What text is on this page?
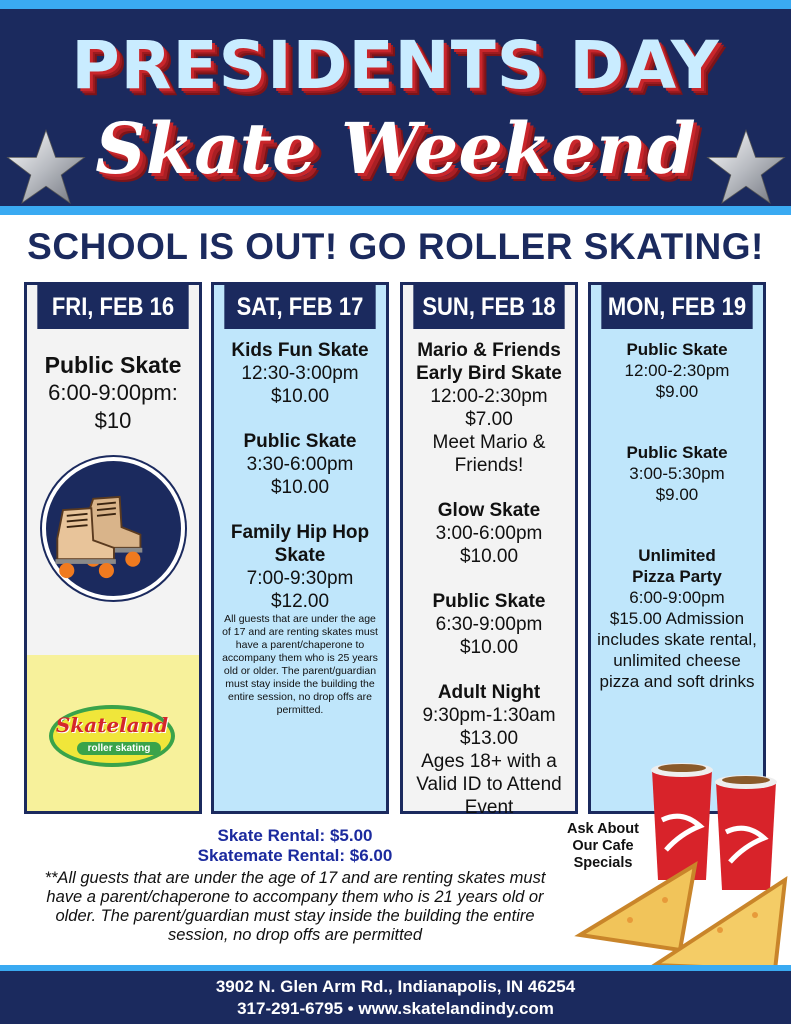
PRESIDENTS DAY
Skate Weekend
SCHOOL IS OUT! GO ROLLER SKATING!
FRI, FEB 16
Public Skate
6:00-9:00pm:
$10
Skateland
roller skating
SAT, FEB 17
Kids Fun Skate
12:30-3:00pm
$10.00
Public Skate
3:30-6:00pm
$10.00
Family Hip Hop Skate
7:00-9:30pm
$12.00
All guests that are under the age of 17 and are renting skates must have a parent/chaperone to accompany them who is 25 years old or older. The parent/guardian must stay inside the building the entire session, no drop offs are permitted.
SUN, FEB 18
Mario & Friends Early Bird Skate
12:00-2:30pm
$7.00
Meet Mario & Friends!
Glow Skate
3:00-6:00pm
$10.00
Public Skate
6:30-9:00pm
$10.00
Adult Night
9:30pm-1:30am
$13.00
Ages 18+ with a Valid ID to Attend Event
MON, FEB 19
Public Skate
12:00-2:30pm
$9.00
Public Skate
3:00-5:30pm
$9.00
Unlimited Pizza Party
6:00-9:00pm
$15.00 Admission includes skate rental, unlimited cheese pizza and soft drinks
Ask About Our Cafe Specials
Skate Rental: $5.00
Skatemate Rental: $6.00
**All guests that are under the age of 17 and are renting skates must have a parent/chaperone to accompany them who is 21 years old or older. The parent/guardian must stay inside the building the entire session, no drop offs are permitted
3902 N. Glen Arm Rd., Indianapolis, IN 46254
317-291-6795 • www.skatelandindy.com
